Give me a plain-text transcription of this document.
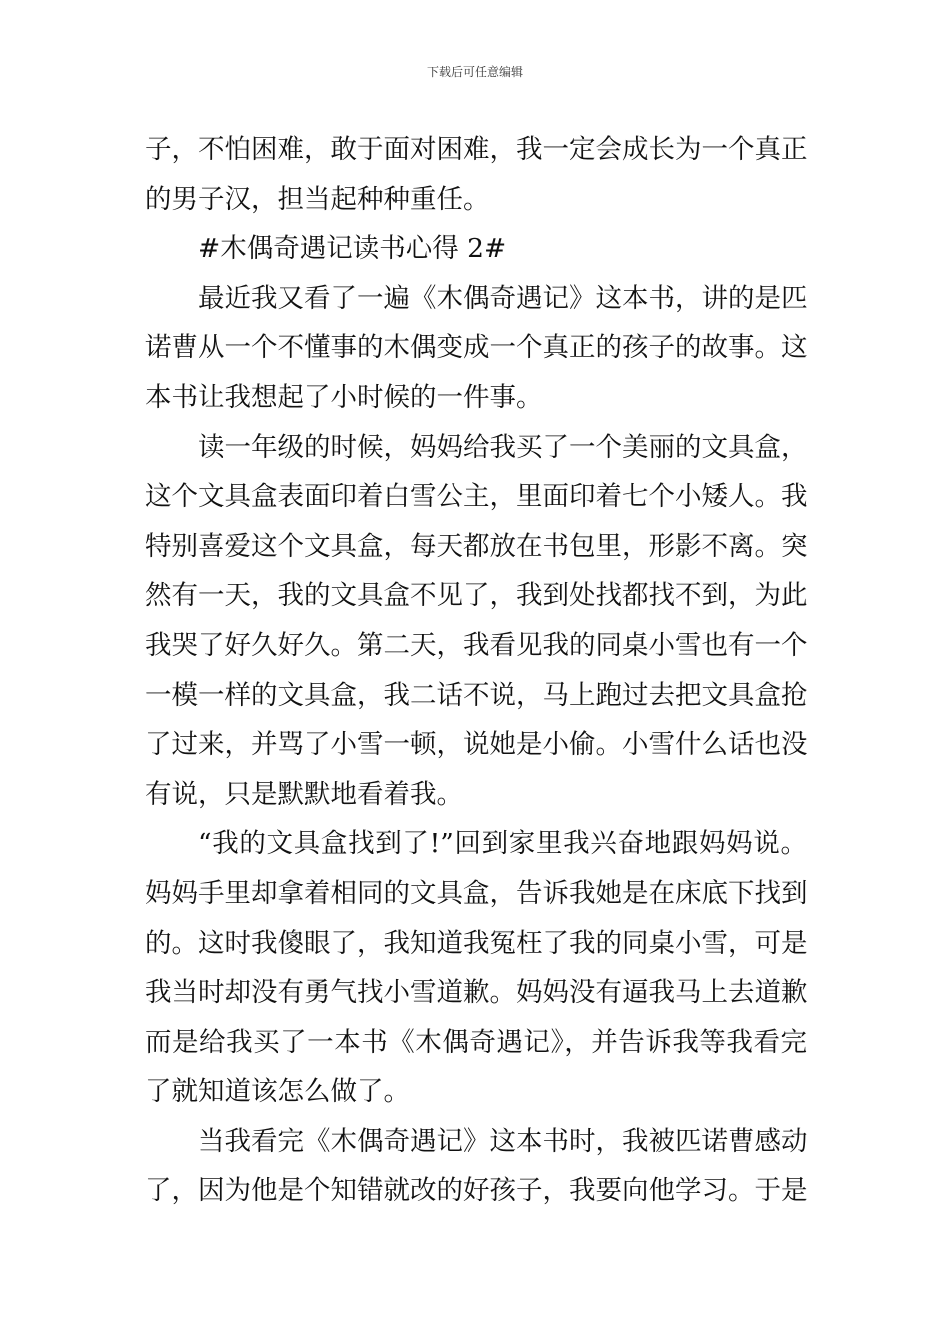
下载后可任意编辑
子，不怕困难，敢于面对困难，我一定会成长为一个真正
的男子汉，担当起种种重任。
#木偶奇遇记读书心得 2#
最近我又看了一遍《木偶奇遇记》这本书，讲的是匹
诺曹从一个不懂事的木偶变成一个真正的孩子的故事。这
本书让我想起了小时候的一件事。
读一年级的时候，妈妈给我买了一个美丽的文具盒，
这个文具盒表面印着白雪公主，里面印着七个小矮人。我
特别喜爱这个文具盒，每天都放在书包里，形影不离。突
然有一天，我的文具盒不见了，我到处找都找不到，为此
我哭了好久好久。第二天，我看见我的同桌小雪也有一个
一模一样的文具盒，我二话不说，马上跑过去把文具盒抢
了过来，并骂了小雪一顿，说她是小偷。小雪什么话也没
有说，只是默默地看着我。
“我的文具盒找到了!”回到家里我兴奋地跟妈妈说。
妈妈手里却拿着相同的文具盒，告诉我她是在床底下找到
的。这时我傻眼了，我知道我冤枉了我的同桌小雪，可是
我当时却没有勇气找小雪道歉。妈妈没有逼我马上去道歉
而是给我买了一本书《木偶奇遇记》，并告诉我等我看完
了就知道该怎么做了。
当我看完《木偶奇遇记》这本书时，我被匹诺曹感动
了，因为他是个知错就改的好孩子，我要向他学习。于是
